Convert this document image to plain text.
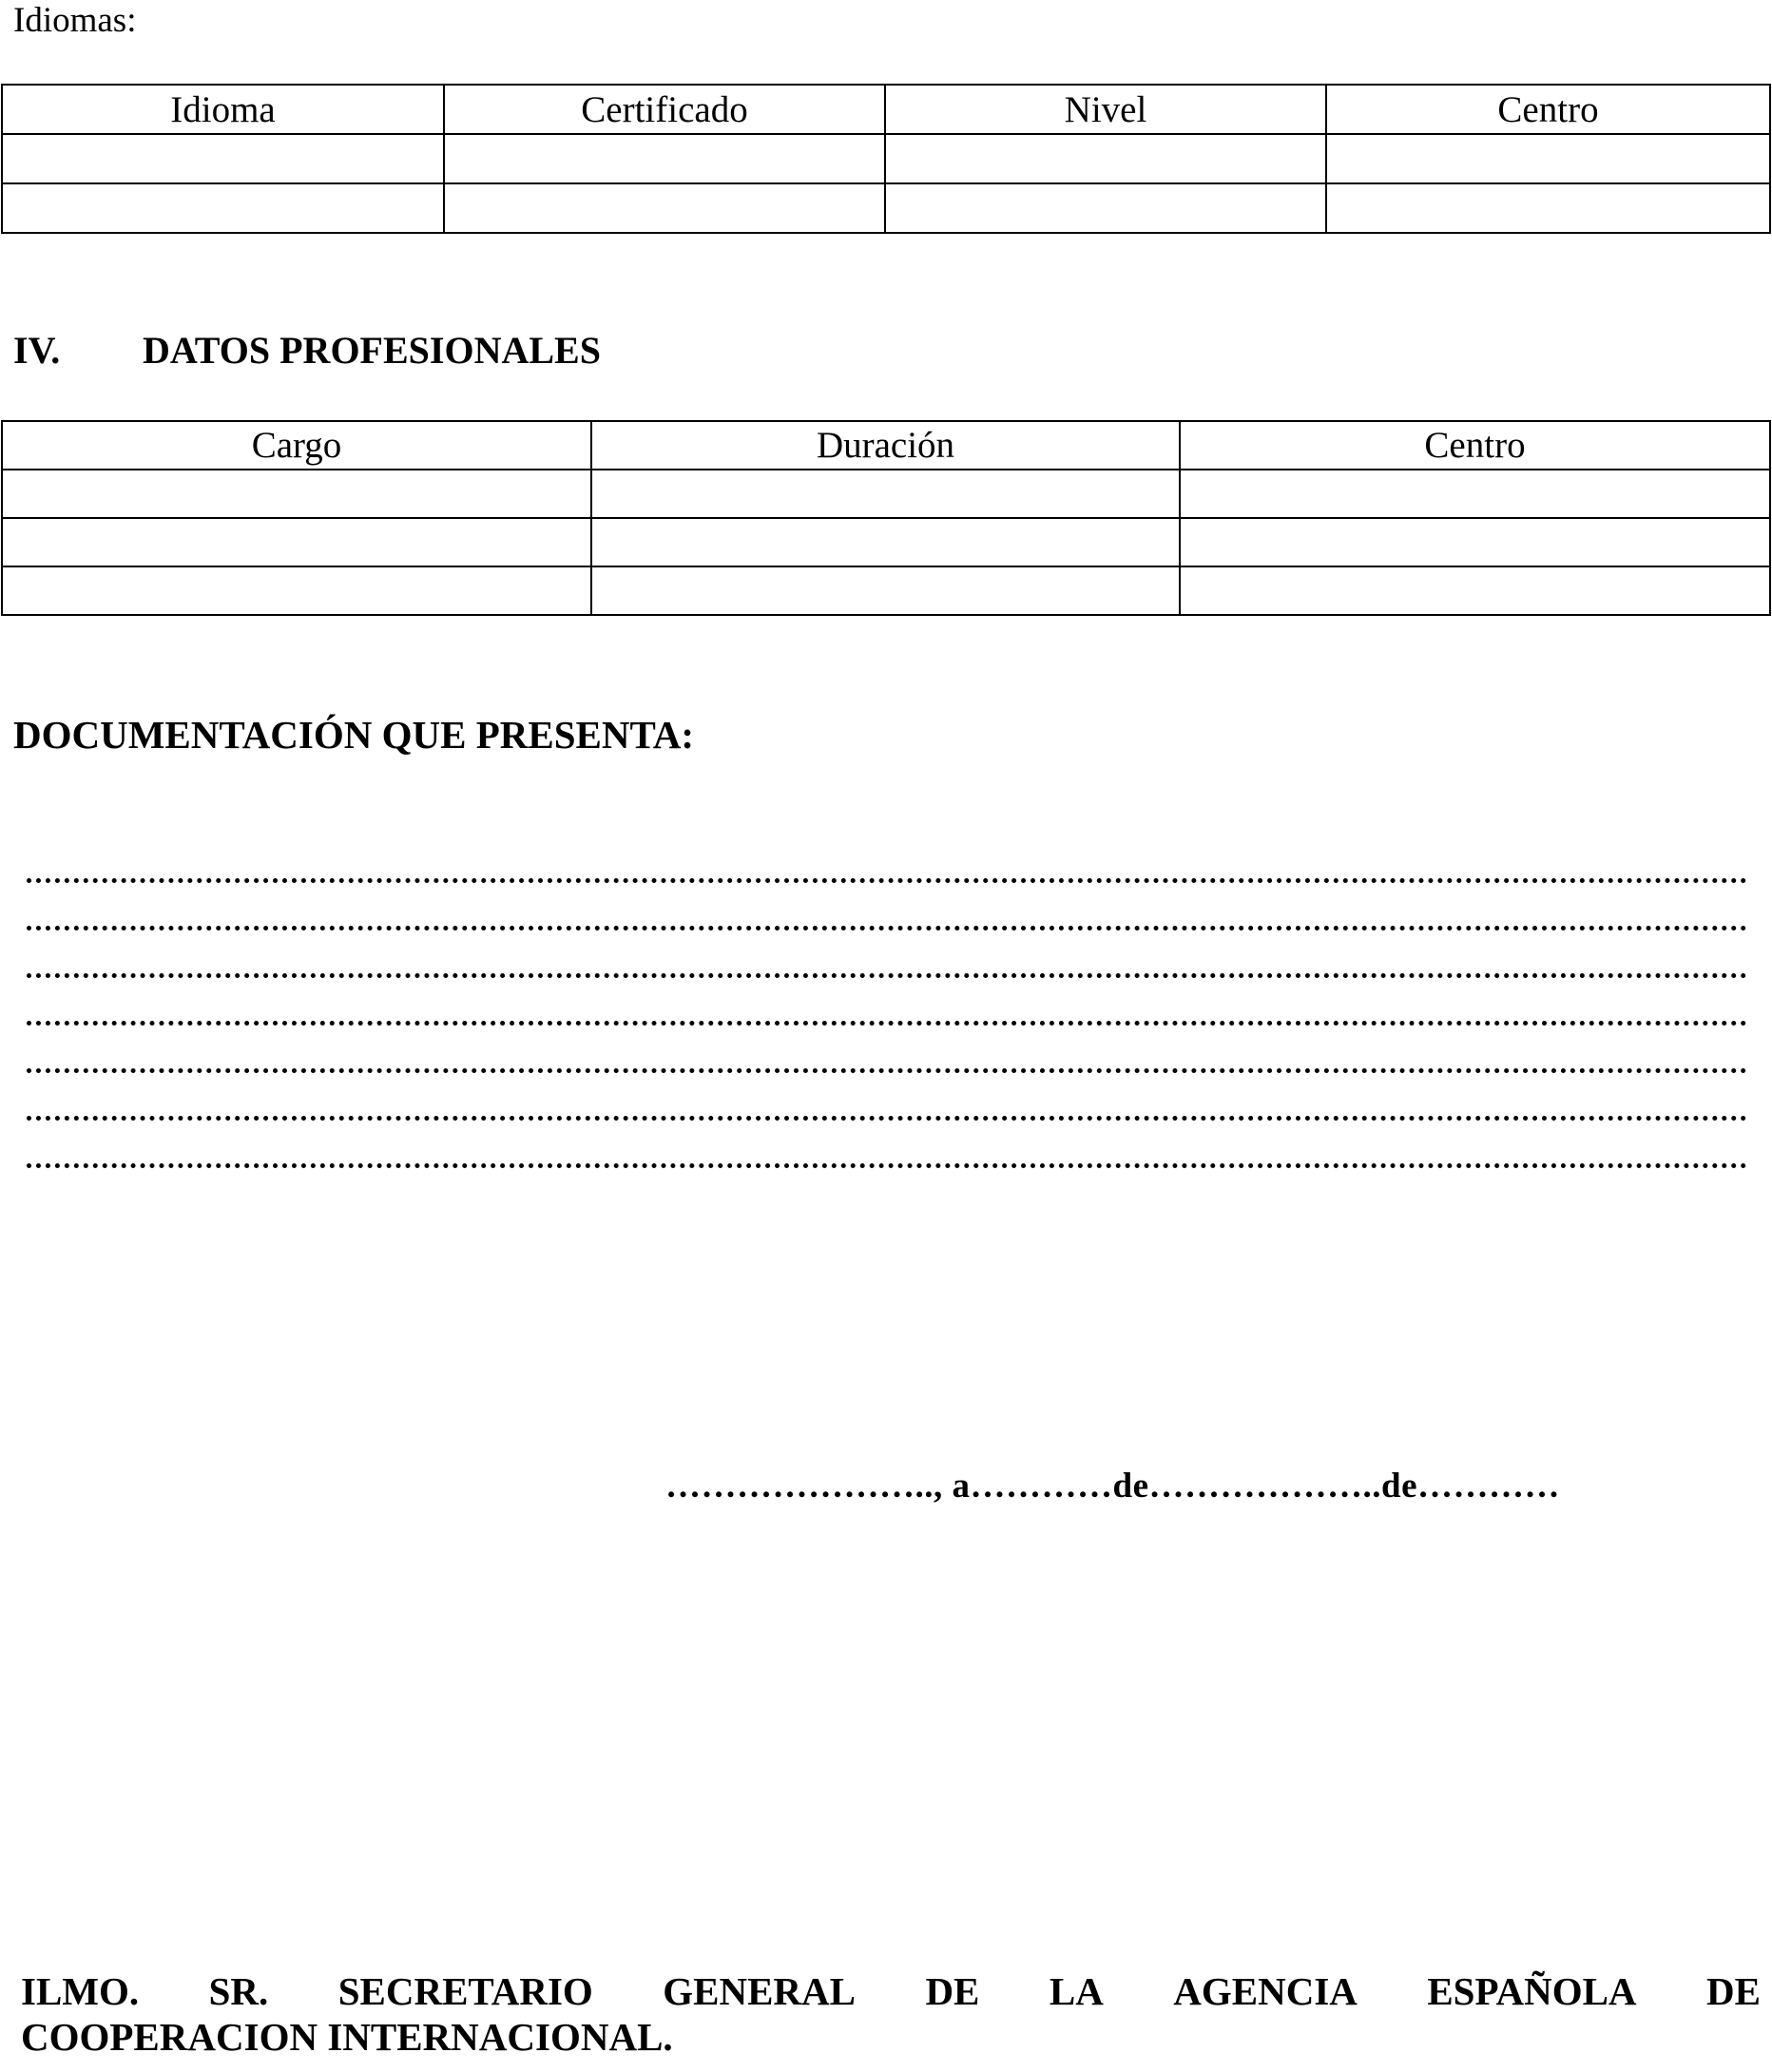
Idiomas:
Idioma	Certificado	Nivel	Centro

IV. DATOS PROFESIONALES
Cargo	Duración	Centro

DOCUMENTACIÓN QUE PRESENTA:
………………….., a…………de………………..de…………
ILMO. SR. SECRETARIO GENERAL DE LA AGENCIA ESPAÑOLA DE
COOPERACION INTERNACIONAL.
